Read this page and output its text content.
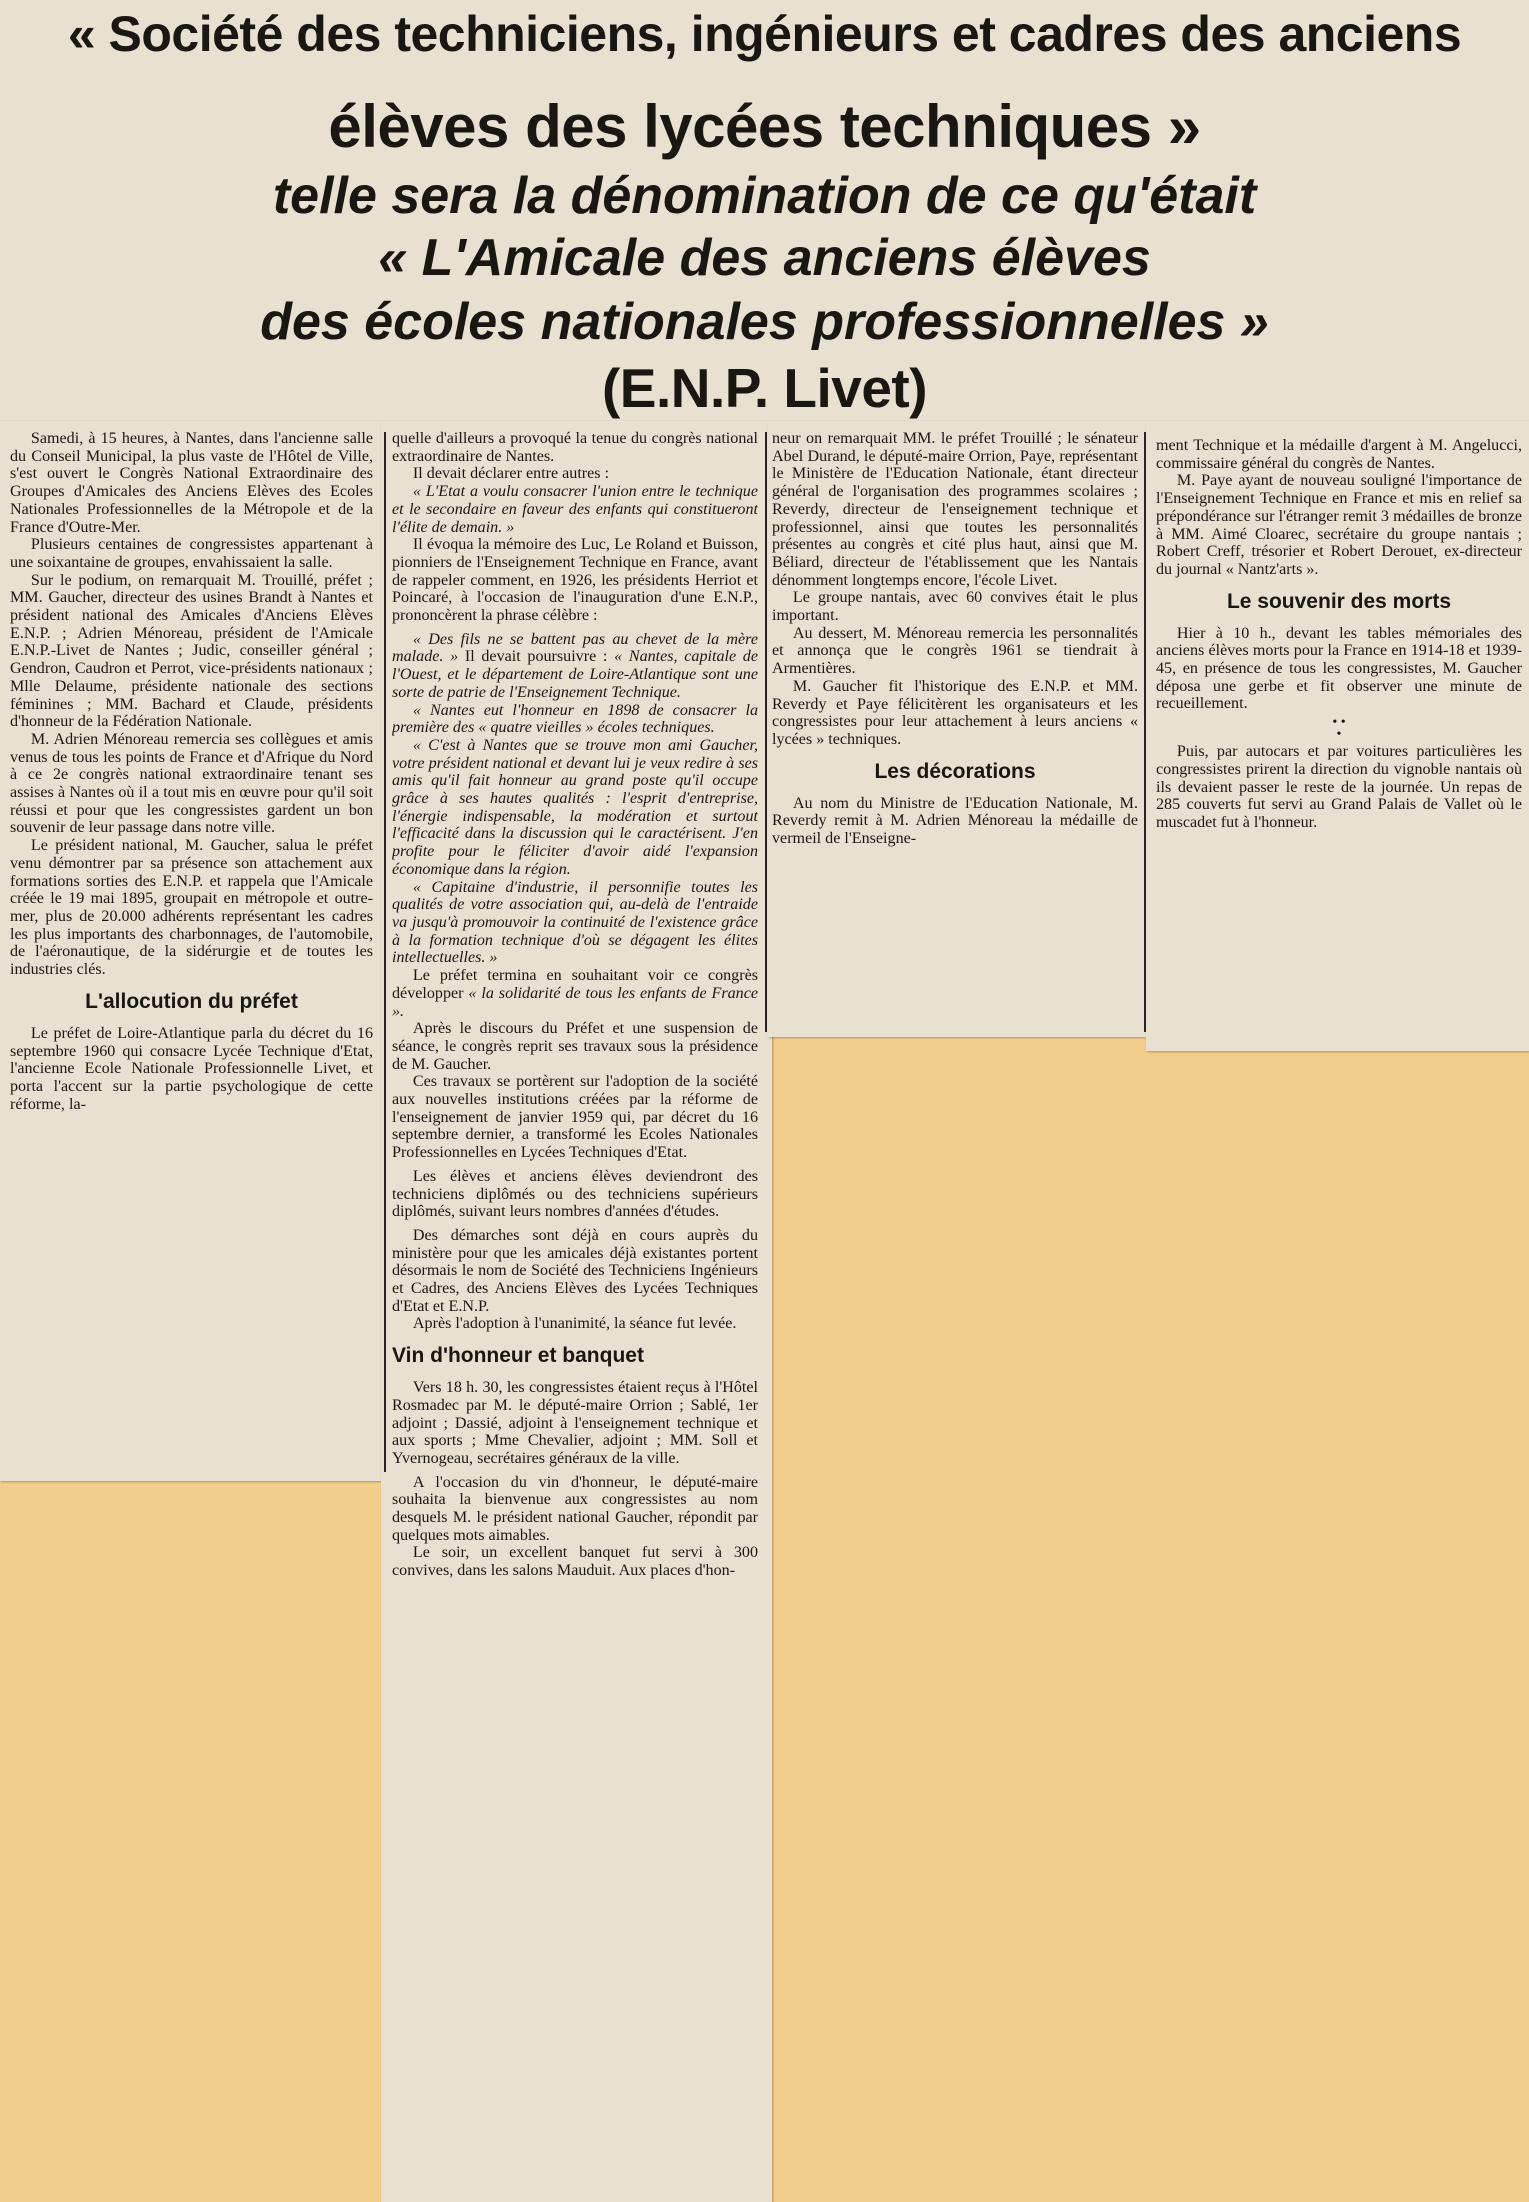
« Société des techniciens, ingénieurs et cadres des anciens
élèves des lycées techniques »
telle sera la dénomination de ce qu'était
« L'Amicale des anciens élèves
des écoles nationales professionnelles »
(E.N.P. Livet)

Samedi, à 15 heures, à Nantes, dans l'ancienne salle du Conseil Municipal, la plus vaste de l'Hôtel de Ville, s'est ouvert le Congrès National Extraordinaire des Groupes d'Amicales des Anciens Elèves des Ecoles Nationales Professionnelles de la Métropole et de la France d'Outre-Mer.

Plusieurs centaines de congressistes appartenant à une soixantaine de groupes, envahissaient la salle.

Sur le podium, on remarquait M. Trouillé, préfet ; MM. Gaucher, directeur des usines Brandt à Nantes et président national des Amicales d'Anciens Elèves E.N.P. ; Adrien Ménoreau, président de l'Amicale E.N.P.-Livet de Nantes ; Judic, conseiller général ; Gendron, Caudron et Perrot, vice-présidents nationaux ; Mlle Delaume, présidente nationale des sections féminines ; MM. Bachard et Claude, présidents d'honneur de la Fédération Nationale.

M. Adrien Ménoreau remercia ses collègues et amis venus de tous les points de France et d'Afrique du Nord à ce 2e congrès national extraordinaire tenant ses assises à Nantes où il a tout mis en œuvre pour qu'il soit réussi et pour que les congressistes gardent un bon souvenir de leur passage dans notre ville.

Le président national, M. Gaucher, salua le préfet venu démontrer par sa présence son attachement aux formations sorties des E.N.P. et rappela que l'Amicale créée le 19 mai 1895, groupait en métropole et outre-mer, plus de 20.000 adhérents représentant les cadres les plus importants des charbonnages, de l'automobile, de l'aéronautique, de la sidérurgie et de toutes les industries clés.

L'allocution du préfet

Le préfet de Loire-Atlantique parla du décret du 16 septembre 1960 qui consacre Lycée Technique d'Etat, l'ancienne Ecole Nationale Professionnelle Livet, et porta l'accent sur la partie psychologique de cette réforme, la-

quelle d'ailleurs a provoqué la tenue du congrès national extraordinaire de Nantes.

Il devait déclarer entre autres :

« L'Etat a voulu consacrer l'union entre le technique et le secondaire en faveur des enfants qui constitueront l'élite de demain. »

Il évoqua la mémoire des Luc, Le Roland et Buisson, pionniers de l'Enseignement Technique en France, avant de rappeler comment, en 1926, les présidents Herriot et Poincaré, à l'occasion de l'inauguration d'une E.N.P., prononcèrent la phrase célèbre :

« Des fils ne se battent pas au chevet de la mère malade. » Il devait poursuivre : « Nantes, capitale de l'Ouest, et le département de Loire-Atlantique sont une sorte de patrie de l'Enseignement Technique.

« Nantes eut l'honneur en 1898 de consacrer la première des « quatre vieilles » écoles techniques.

« C'est à Nantes que se trouve mon ami Gaucher, votre président national et devant lui je veux redire à ses amis qu'il fait honneur au grand poste qu'il occupe grâce à ses hautes qualités : l'esprit d'entreprise, l'énergie indispensable, la modération et surtout l'efficacité dans la discussion qui le caractérisent. J'en profite pour le féliciter d'avoir aidé l'expansion économique dans la région.

« Capitaine d'industrie, il personnifie toutes les qualités de votre association qui, au-delà de l'entraide va jusqu'à promouvoir la continuité de l'existence grâce à la formation technique d'où se dégagent les élites intellectuelles. »

Le préfet termina en souhaitant voir ce congrès développer « la solidarité de tous les enfants de France ».

Après le discours du Préfet et une suspension de séance, le congrès reprit ses travaux sous la présidence de M. Gaucher.

Ces travaux se portèrent sur l'adoption de la société aux nouvelles institutions créées par la réforme de l'enseignement de janvier 1959 qui, par décret du 16 septembre dernier, a transformé les Ecoles Nationales Professionnelles en Lycées Techniques d'Etat.

Les élèves et anciens élèves deviendront des techniciens diplômés ou des techniciens supérieurs diplômés, suivant leurs nombres d'années d'études.

Des démarches sont déjà en cours auprès du ministère pour que les amicales déjà existantes portent désormais le nom de Société des Techniciens Ingénieurs et Cadres, des Anciens Elèves des Lycées Techniques d'Etat et E.N.P.

Après l'adoption à l'unanimité, la séance fut levée.

Vin d'honneur et banquet

Vers 18 h. 30, les congressistes étaient reçus à l'Hôtel Rosmadec par M. le député-maire Orrion ; Sablé, 1er adjoint ; Dassié, adjoint à l'enseignement technique et aux sports ; Mme Chevalier, adjoint ; MM. Soll et Yvernogeau, secrétaires généraux de la ville.

A l'occasion du vin d'honneur, le député-maire souhaita la bienvenue aux congressistes au nom desquels M. le président national Gaucher, répondit par quelques mots aimables.

Le soir, un excellent banquet fut servi à 300 convives, dans les salons Mauduit. Aux places d'hon-

neur on remarquait MM. le préfet Trouillé ; le sénateur Abel Durand, le député-maire Orrion, Paye, représentant le Ministère de l'Education Nationale, étant directeur général de l'organisation des programmes scolaires ; Reverdy, directeur de l'enseignement technique et professionnel, ainsi que toutes les personnalités présentes au congrès et cité plus haut, ainsi que M. Béliard, directeur de l'établissement que les Nantais dénomment longtemps encore, l'école Livet.

Le groupe nantais, avec 60 convives était le plus important.

Au dessert, M. Ménoreau remercia les personnalités et annonça que le congrès 1961 se tiendrait à Armentières.

M. Gaucher fit l'historique des E.N.P. et MM. Reverdy et Paye félicitèrent les organisateurs et les congressistes pour leur attachement à leurs anciens « lycées » techniques.

Les décorations

Au nom du Ministre de l'Education Nationale, M. Reverdy remit à M. Adrien Ménoreau la médaille de vermeil de l'Enseigne-

ment Technique et la médaille d'argent à M. Angelucci, commissaire général du congrès de Nantes.

M. Paye ayant de nouveau souligné l'importance de l'Enseignement Technique en France et mis en relief sa prépondérance sur l'étranger remit 3 médailles de bronze à MM. Aimé Cloarec, secrétaire du groupe nantais ; Robert Creff, trésorier et Robert Derouet, ex-directeur du journal « Nantz'arts ».

Le souvenir des morts

Hier à 10 h., devant les tables mémoriales des anciens élèves morts pour la France en 1914-18 et 1939-45, en présence de tous les congressistes, M. Gaucher déposa une gerbe et fit observer une minute de recueillement.

• •
•

Puis, par autocars et par voitures particulières les congressistes prirent la direction du vignoble nantais où ils devaient passer le reste de la journée. Un repas de 285 couverts fut servi au Grand Palais de Vallet où le muscadet fut à l'honneur.
